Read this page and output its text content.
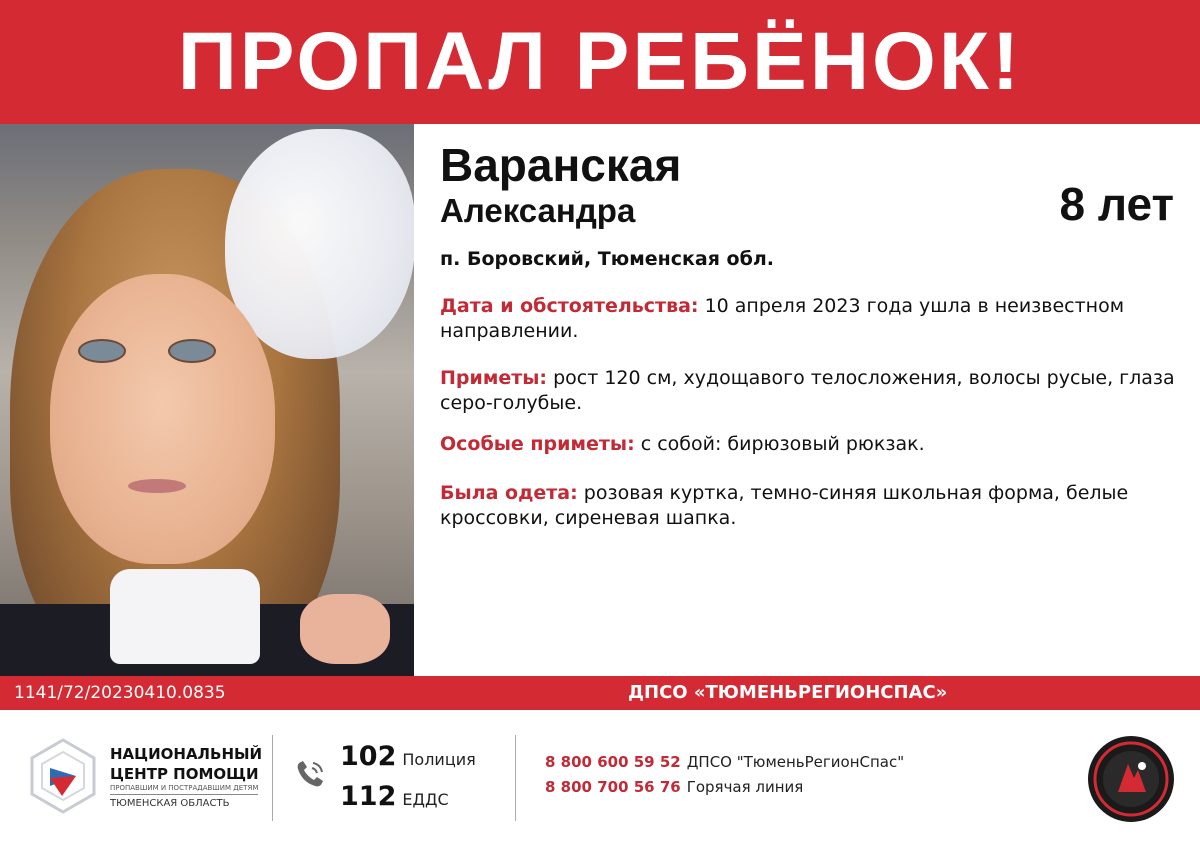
ПРОПАЛ РЕБЁНОК!
Варанская
Александра	8 лет
п. Боровский, Тюменская обл.
Дата и обстоятельства: 10 апреля 2023 года ушла в неизвестном направлении.
Приметы: рост 120 см, худощавого телосложения, волосы русые, глаза серо-голубые.
Особые приметы: с собой: бирюзовый рюкзак.
Была одета: розовая куртка, темно-синяя школьная форма, белые кроссовки, сиреневая шапка.
1141/72/20230410.0835	ДПСО «ТЮМЕНЬРЕГИОНСПАС»
НАЦИОНАЛЬНЫЙ
ЦЕНТР ПОМОЩИ
ПРОПАВШИМ И ПОСТРАДАВШИМ ДЕТЯМ
ТЮМЕНСКАЯ ОБЛАСТЬ
102 Полиция
112 ЕДДС
8 800 600 59 52 ДПСО "ТюменьРегионСпас"
8 800 700 56 76 Горячая линия
